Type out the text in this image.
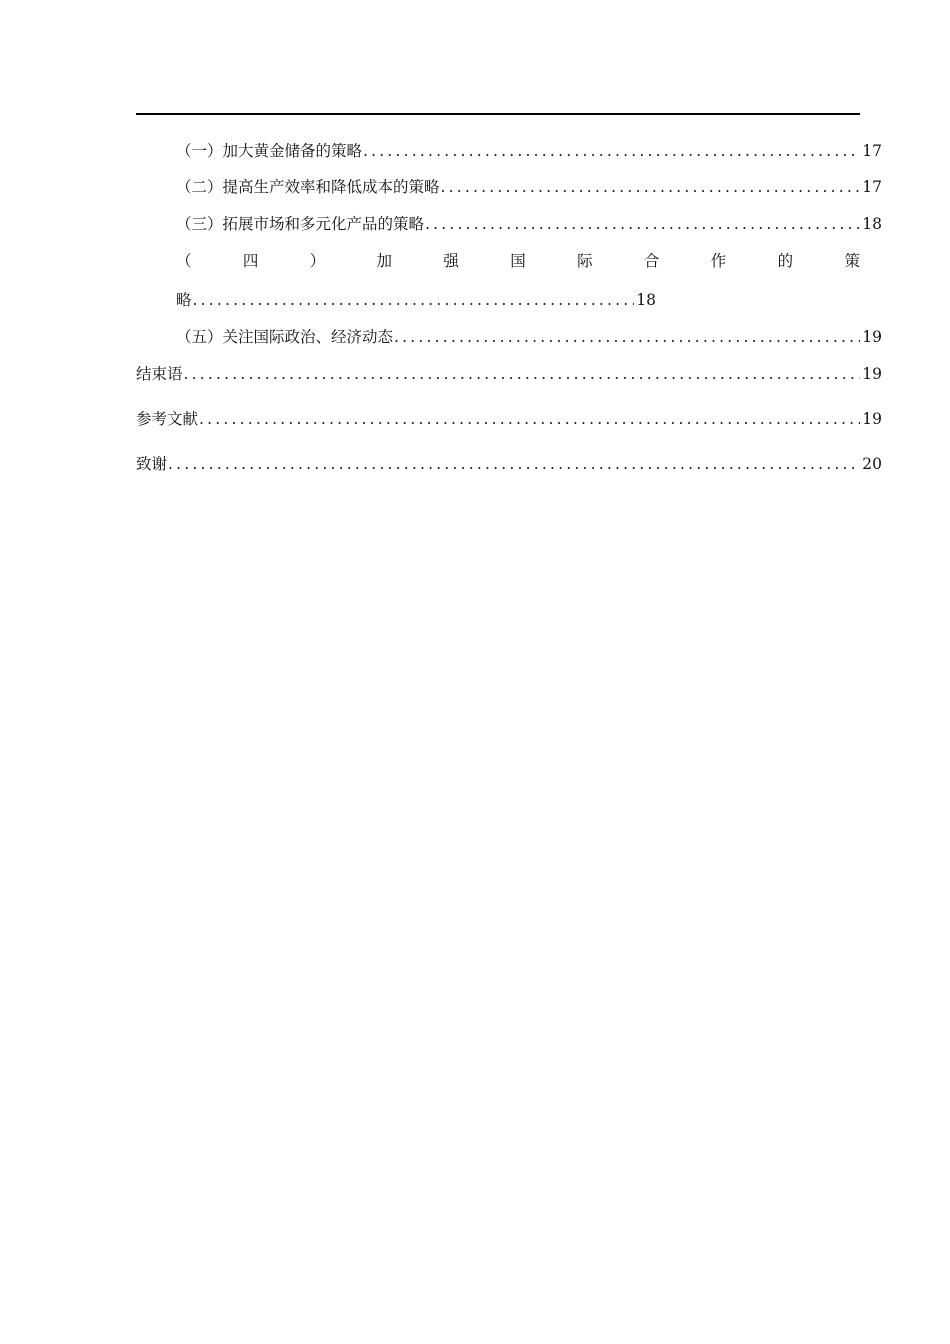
（一）加大黄金储备的策略 .....	17
（二）提高生产效率和降低成本的策略 .....	17
（三）拓展市场和多元化产品的策略 .....	18
（	四	）	加	强	国	际	合	作	的	策
略 .....	18
（五）关注国际政治、经济动态 .....	19
结束语 .....	19
参考文献 .....	19
致谢 .....	20
